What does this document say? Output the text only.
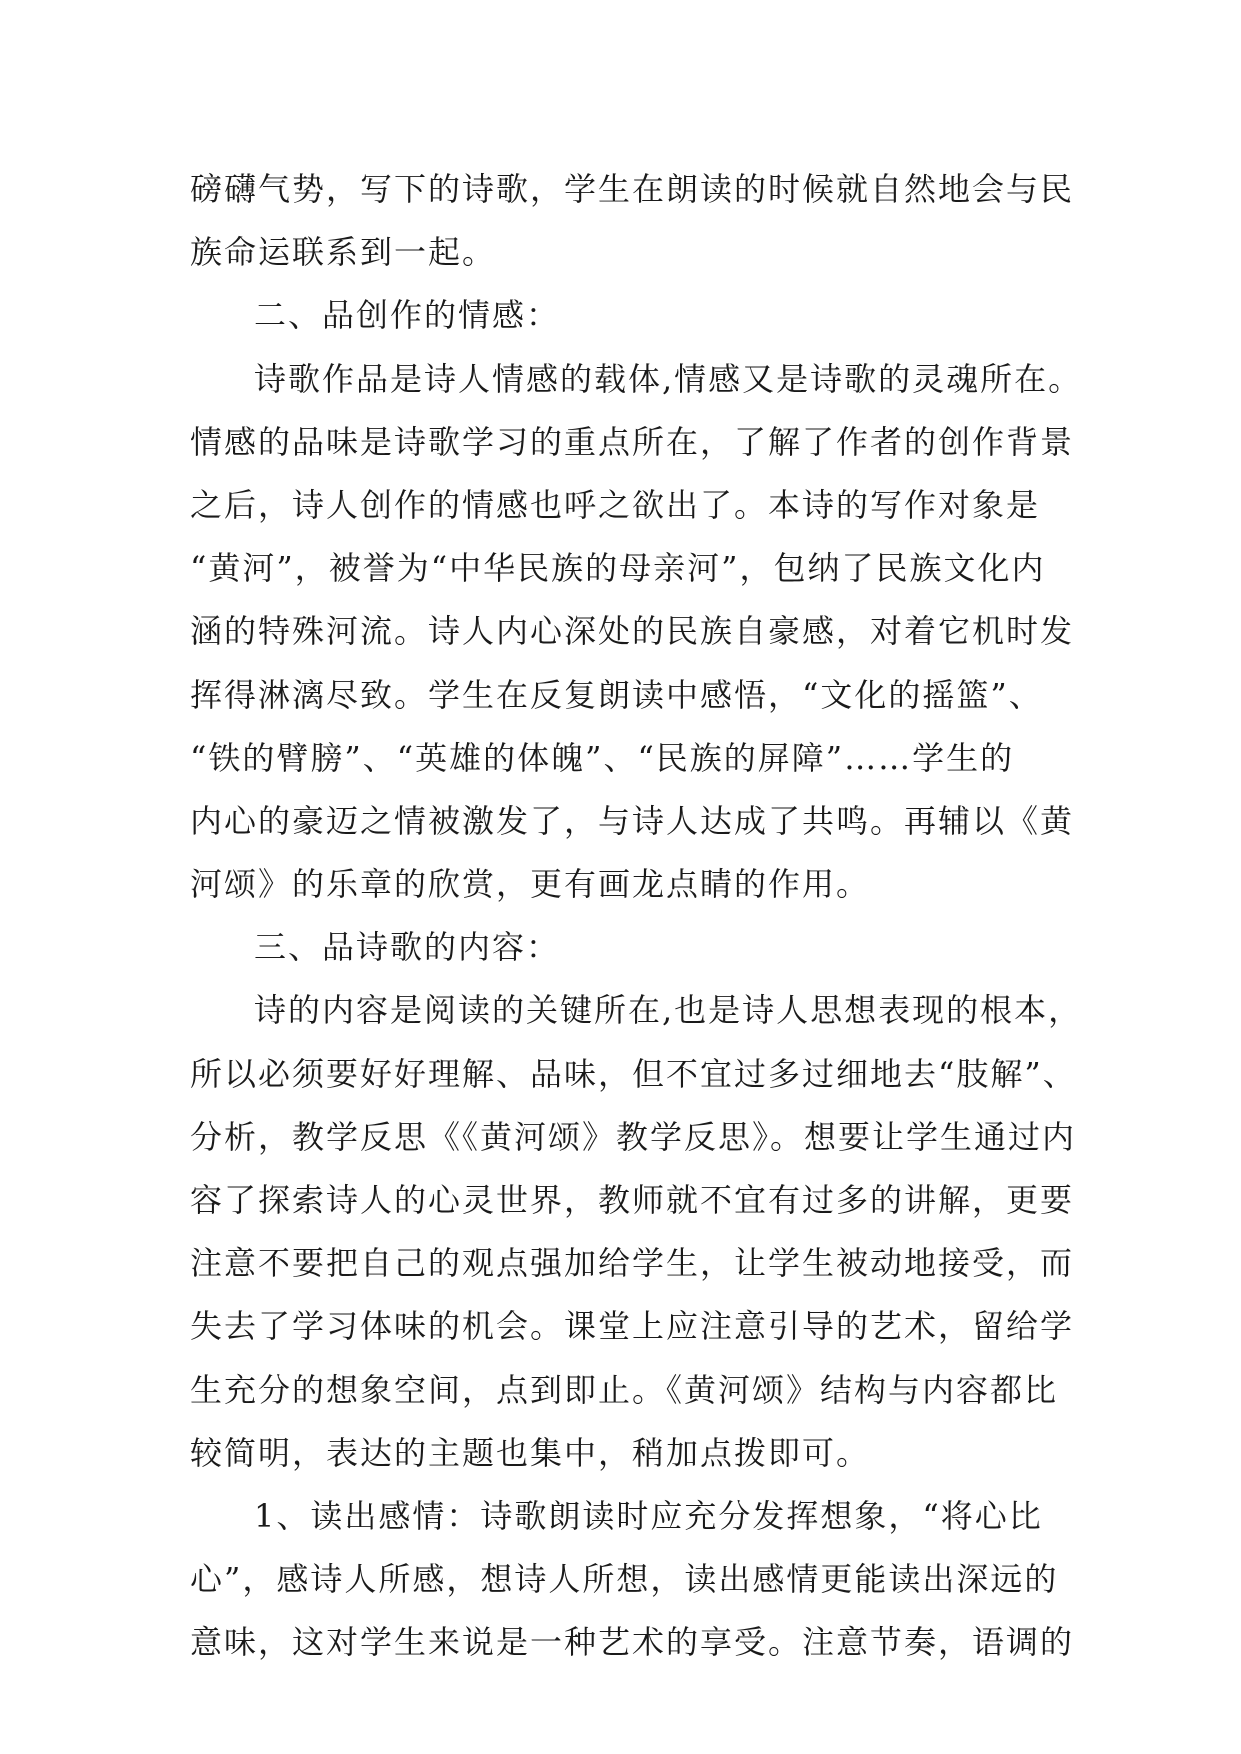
磅礴气势，写下的诗歌，学生在朗读的时候就自然地会与民
族命运联系到一起。
二、品创作的情感：
诗歌作品是诗人情感的载体,情感又是诗歌的灵魂所在。
情感的品味是诗歌学习的重点所在，了解了作者的创作背景
之后，诗人创作的情感也呼之欲出了。本诗的写作对象是
“黄河”，被誉为“中华民族的母亲河”，包纳了民族文化内
涵的特殊河流。诗人内心深处的民族自豪感，对着它机时发
挥得淋漓尽致。学生在反复朗读中感悟，“文化的摇篮”、
“铁的臂膀”、“英雄的体魄”、“民族的屏障”……学生的
内心的豪迈之情被激发了，与诗人达成了共鸣。再辅以《黄
河颂》的乐章的欣赏，更有画龙点睛的作用。
三、品诗歌的内容：
诗的内容是阅读的关键所在,也是诗人思想表现的根本，
所以必须要好好理解、品味，但不宜过多过细地去“肢解”、
分析，教学反思《《黄河颂》教学反思》。想要让学生通过内
容了探索诗人的心灵世界，教师就不宜有过多的讲解，更要
注意不要把自己的观点强加给学生，让学生被动地接受，而
失去了学习体味的机会。课堂上应注意引导的艺术，留给学
生充分的想象空间，点到即止。《黄河颂》结构与内容都比
较简明，表达的主题也集中，稍加点拨即可。
1、读出感情：诗歌朗读时应充分发挥想象，“将心比
心”，感诗人所感，想诗人所想，读出感情更能读出深远的
意味，这对学生来说是一种艺术的享受。注意节奏，语调的
